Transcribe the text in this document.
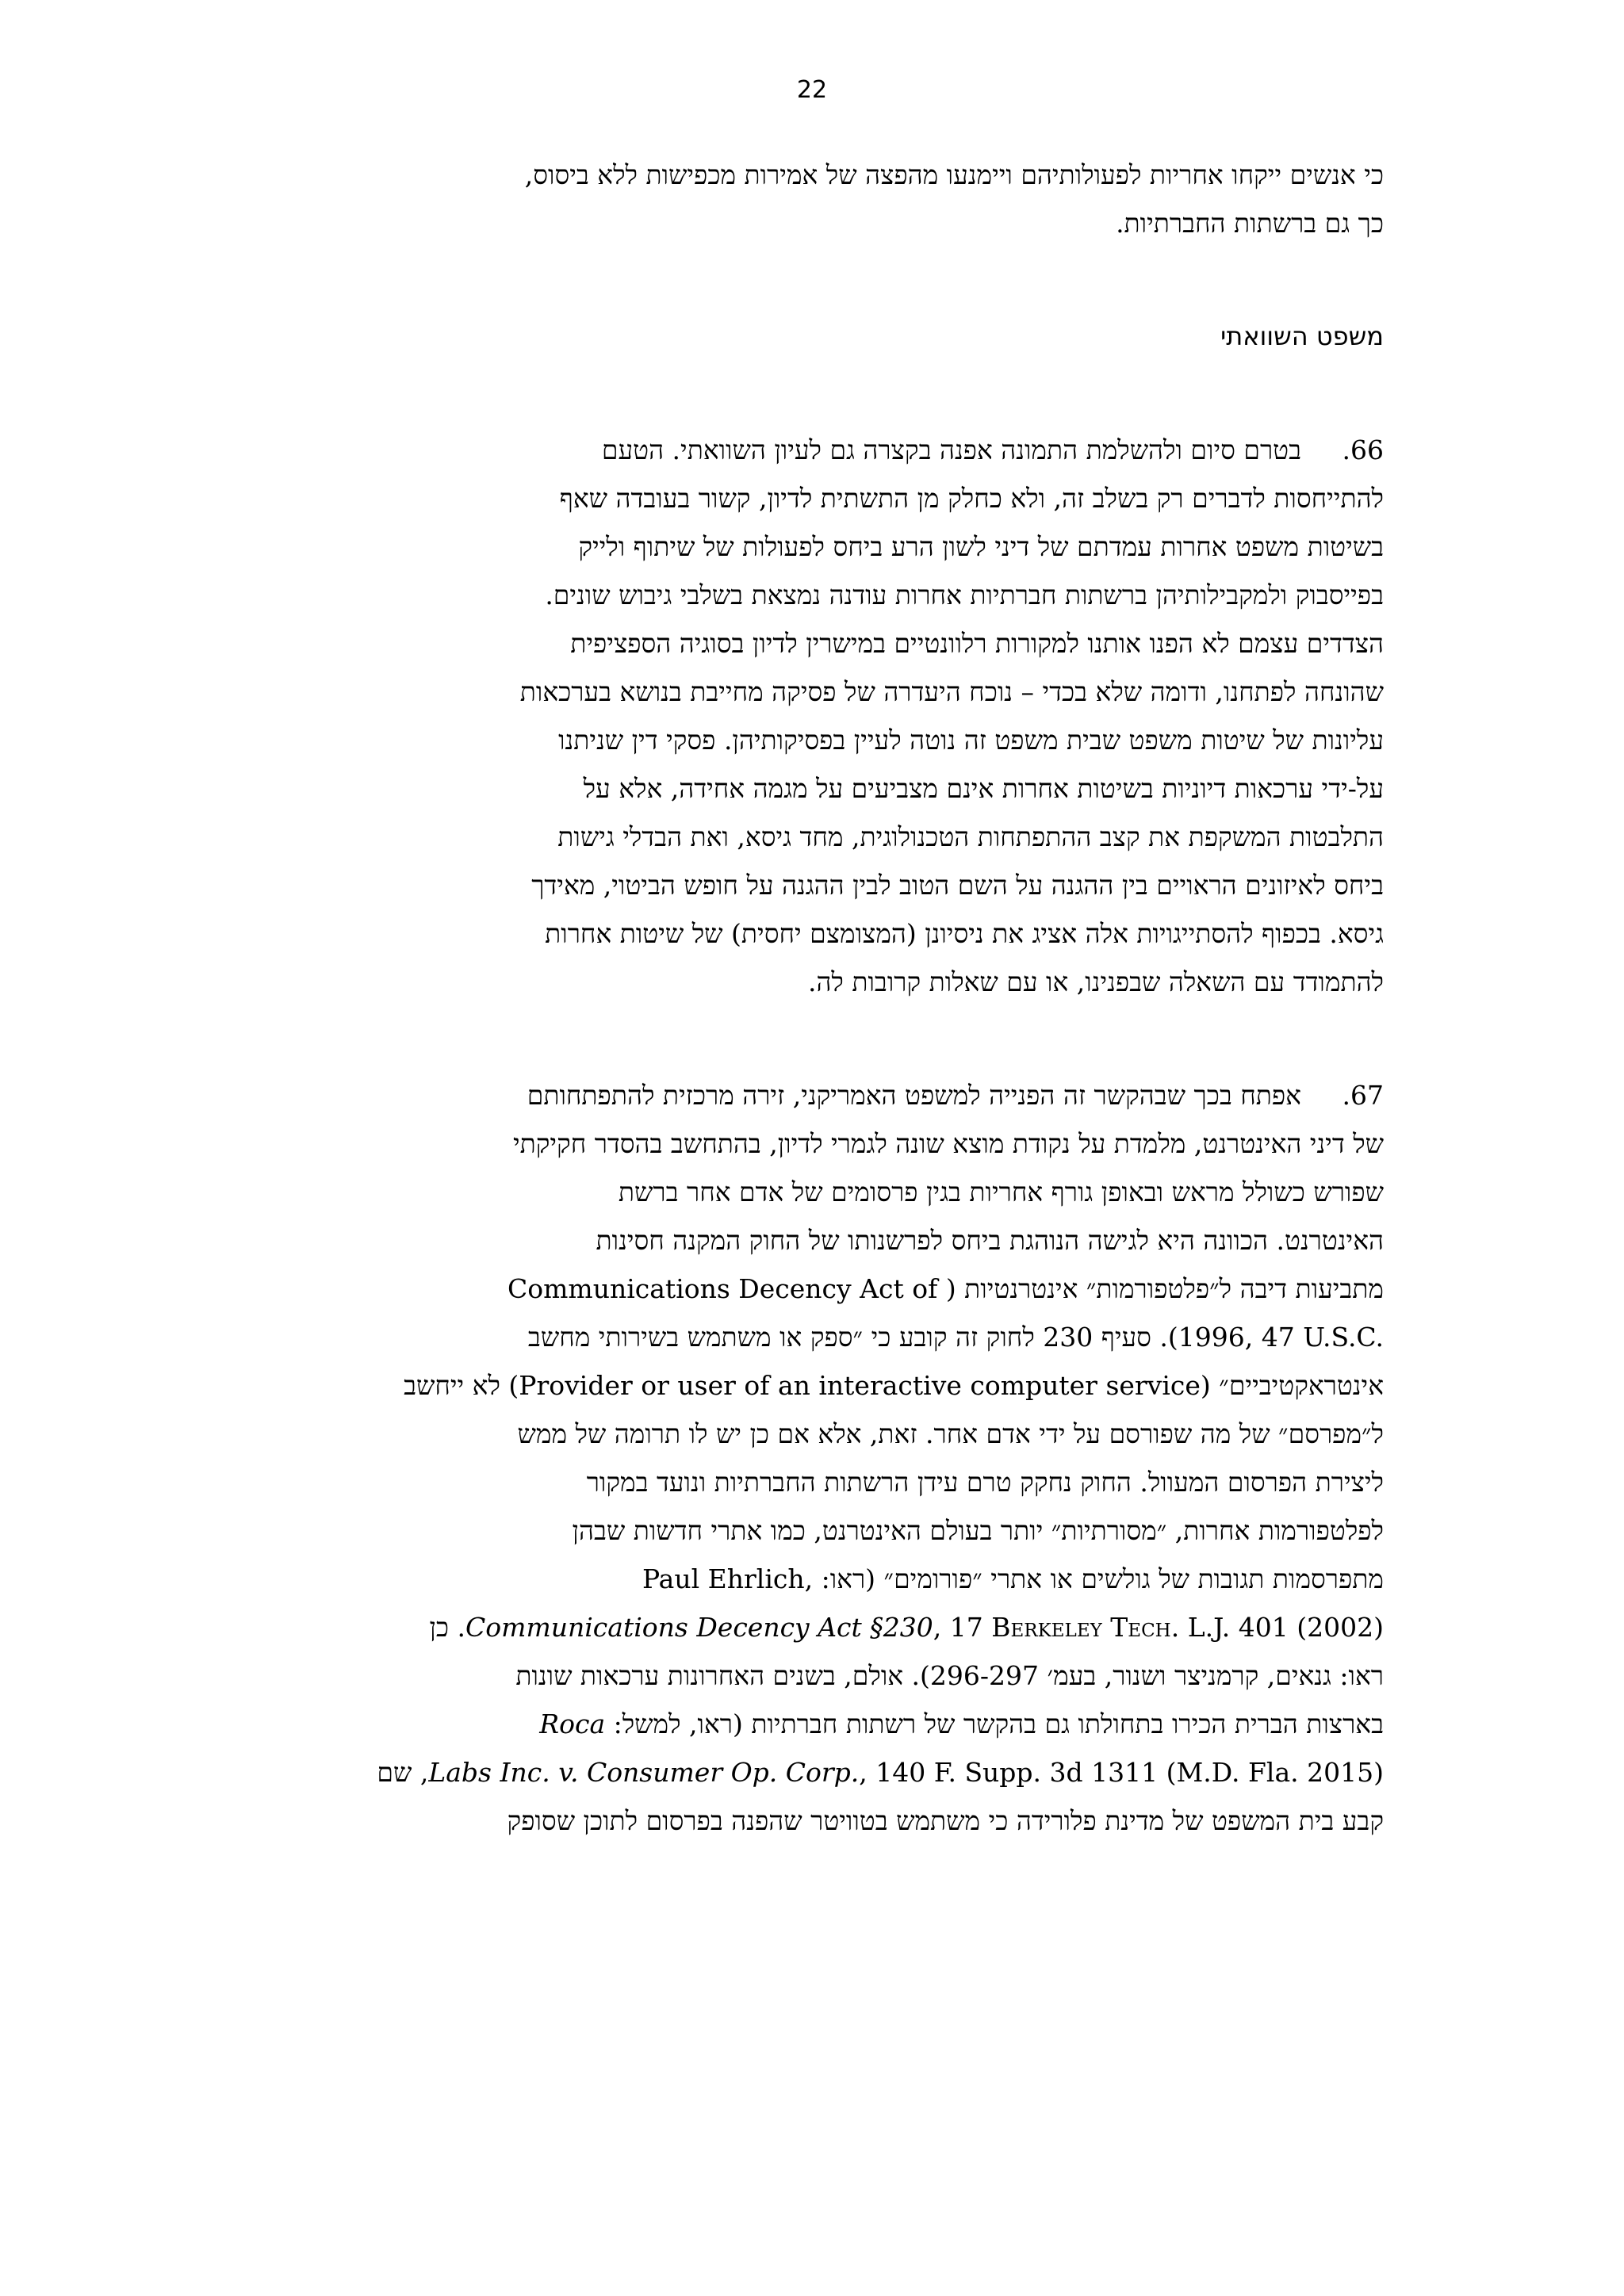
22
כי אנשים ייקחו אחריות לפעולותיהם ויימנעו מהפצה של אמירות מכפישות ללא ביסוס,
כך גם ברשתות החברתיות.
משפט השוואתי
66.בטרם סיום ולהשלמת התמונה אפנה בקצרה גם לעיון השוואתי. הטעם
להתייחסות לדברים רק בשלב זה, ולא כחלק מן התשתית לדיון, קשור בעובדה שאף
בשיטות משפט אחרות עמדתם של דיני לשון הרע ביחס לפעולות של שיתוף ולייק
בפייסבוק ולמקבילותיהן ברשתות חברתיות אחרות עודנה נמצאת בשלבי גיבוש שונים.
הצדדים עצמם לא הפנו אותנו למקורות רלוונטיים במישרין לדיון בסוגיה הספציפית
שהונחה לפתחנו, ודומה שלא בכדי – נוכח היעדרה של פסיקה מחייבת בנושא בערכאות
עליונות של שיטות משפט שבית משפט זה נוטה לעיין בפסיקותיהן. פסקי דין שניתנו
על-ידי ערכאות דיוניות בשיטות אחרות אינם מצביעים על מגמה אחידה, אלא על
התלבטות המשקפת את קצב ההתפתחות הטכנולוגית, מחד גיסא, ואת הבדלי גישות
ביחס לאיזונים הראויים בין ההגנה על השם הטוב לבין ההגנה על חופש הביטוי, מאידך
גיסא. בכפוף להסתייגויות אלה אציג את ניסיונן (המצומצם יחסית) של שיטות אחרות
להתמודד עם השאלה שבפנינו, או עם שאלות קרובות לה.
67.אפתח בכך שבהקשר זה הפנייה למשפט האמריקני, זירה מרכזית להתפתחותם
של דיני האינטרנט, מלמדת על נקודת מוצא שונה לגמרי לדיון, בהתחשב בהסדר חקיקתי
שפורש כשולל מראש ובאופן גורף אחריות בגין פרסומים של אדם אחר ברשת
האינטרנט. הכוונה היא לגישה הנוהגת ביחס לפרשנותו של החוק המקנה חסינות
מתביעות דיבה ל״פלטפורמות״ אינטרנטיות ( Communications Decency Act of
1996, 47 U.S.C.). סעיף 230 לחוק זה קובע כי ״ספק או משתמש בשירותי מחשב
אינטראקטיביים״ (Provider or user of an interactive computer service) לא ייחשב
ל״מפרסם״ של מה שפורסם על ידי אדם אחר. זאת, אלא אם כן יש לו תרומה של ממש
ליצירת הפרסום המעוול. החוק נחקק טרם עידן הרשתות החברתיות ונועד במקור
לפלטפורמות אחרות, ״מסורתיות״ יותר בעולם האינטרנט, כמו אתרי חדשות שבהן
מתפרסמות תגובות של גולשים או אתרי ״פורומים״ (ראו: Paul Ehrlich,
Communications Decency Act §230, 17 Berkeley Tech. L.J. 401 (2002). כן
ראו: גנאים, קרמניצר ושנור, בעמ׳ 296-297). אולם, בשנים האחרונות ערכאות שונות
בארצות הברית הכירו בתחולתו גם בהקשר של רשתות חברתיות (ראו, למשל: Roca
Labs Inc. v. Consumer Op. Corp., 140 F. Supp. 3d 1311 (M.D. Fla. 2015), שם
קבע בית המשפט של מדינת פלורידה כי משתמש בטוויטר שהפנה בפרסום לתוכן שסופק
